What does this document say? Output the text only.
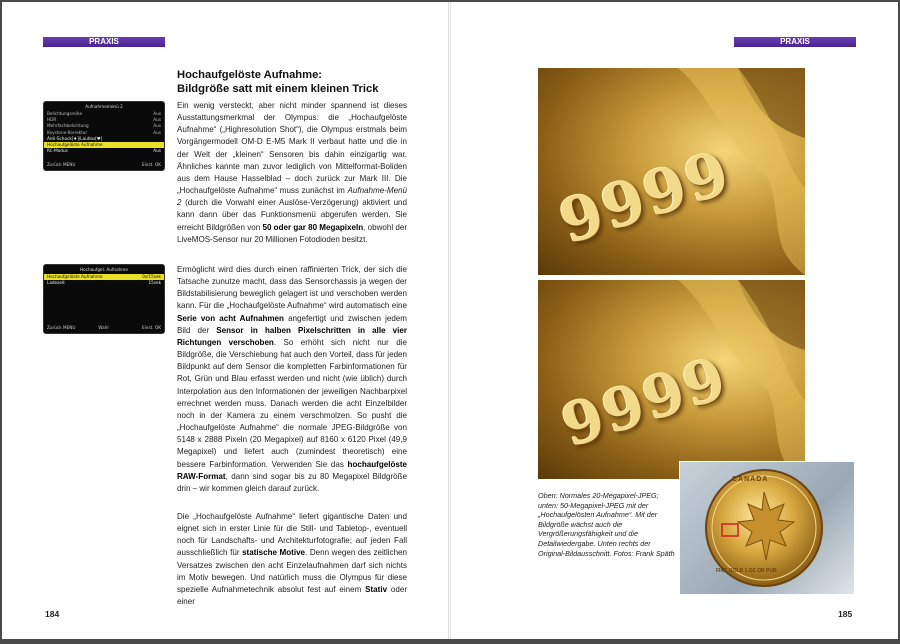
PRAXIS	PRAXIS
Hochaufgelöste Aufnahme:
Bildgröße satt mit einem kleinen Trick

Ein wenig versteckt, aber nicht minder spannend ist dieses Ausstattungsmerkmal der Olympus: die „Hochaufgelöste Aufnahme“ („Highresolution Shot“), die Olympus erstmals beim Vorgängermodell OM-D E-M5 Mark II verbaut hatte und die in der Welt der „kleinen“ Sensoren bis dahin einzigartig war. Ähnliches kannte man zuvor lediglich von Mittelformat-Boliden aus dem Hause Hasselblad – doch zurück zur Mark III. Die „Hochaufgelöste Aufnahme“ muss zunächst im Aufnahme-Menü 2 (durch die Vorwahl einer Auslöse-Verzögerung) aktiviert und kann dann über das Funktionsmenü abgerufen werden. Sie erreicht Bildgrößen von 50 oder gar 80 Megapixeln, obwohl der LiveMOS-Sensor nur 20 Millionen Fotodioden besitzt.

Ermöglicht wird dies durch einen raffinierten Trick, der sich die Tatsache zunutze macht, dass das Sensorchassis ja wegen der Bildstabilisierung beweglich gelagert ist und verschoben werden kann. Für die „Hochaufgelöste Aufnahme“ wird automatisch eine Serie von acht Aufnahmen angefertigt und zwischen jedem Bild der Sensor in halben Pixelschritten in alle vier Richtungen verschoben. So erhöht sich nicht nur die Bildgröße, die Verschiebung hat auch den Vorteil, dass für jeden Bildpunkt auf dem Sensor die kompletten Farbinformationen für Rot, Grün und Blau erfasst werden und nicht (wie üblich) durch Interpolation aus den Informationen der jeweiligen Nachbarpixel errechnet werden muss. Danach werden die acht Einzelbilder noch in der Kamera zu einem verschmolzen. So pusht die „Hochaufgelöste Aufnahme“ die normale JPEG-Bildgröße von 5148 x 2888 Pixeln (20 Megapixel) auf 8160 x 6120 Pixel (49,9 Megapixel) und liefert auch (zumindest theoretisch) eine bessere Farbinformation. Verwenden Sie das hochaufgelöste RAW-Format, dann sind sogar bis zu 80 Megapixel Bildgröße drin – wir kommen gleich darauf zurück.

Die „Hochaufgelöste Aufnahme“ liefert gigantische Daten und eignet sich in erster Linie für die Still- und Tabletop-, eventuell noch für Landschafts- und Architekturfotografie; auf jeden Fall ausschließlich für statische Motive. Denn wegen des zeitlichen Versatzes zwischen den acht Einzelaufnahmen darf sich nichts im Motiv bewegen. Und natürlich muss die Olympus für diese spezielle Aufnahmetechnik absolut fest auf einem Stativ oder einer

Aufnahmemenü 2
Belichtungsreihe	Aus
HDR	Aus
Mehrfachbelichtung	Aus
Keystone-Korrektur	Aus
Anti-Schock[♦]/Lautlos[♥]
Hochaufgelöste Aufnahme
RC-Modus	Aus
Zurück MENU	Einst. OK
Hochaufgel. Aufnahme
Hochaufgelöste Aufnahme	0s/15sek
Ladezeit	15sek
Zurück MENU	Wahl	Einst. OK
9999
9999
CANADA
FINE GOLD 1 OZ OR PUR
Oben: Normales 20-Megapixel-JPEG; unten: 50-Megapixel-JPEG mit der „Hochaufgelösten Aufnahme“. Mit der Bildgröße wächst auch die Vergrößerungsfähigkeit und die Detailwiedergabe. Unten rechts der Original-Bildausschnitt. Fotos: Frank Späth
184	185
